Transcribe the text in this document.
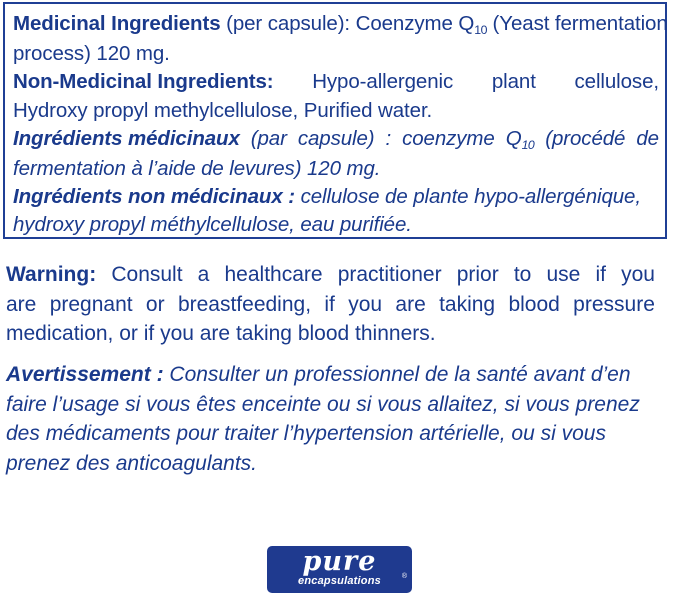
Medicinal Ingredients (per capsule): Coenzyme Q10 (Yeast fermentation
process) 120 mg.
Non-Medicinal Ingredients: Hypo-allergenic plant cellulose,
Hydroxy propyl methylcellulose, Purified water.
Ingrédients médicinaux (par capsule) : coenzyme Q10 (procédé de
fermentation à l’aide de levures) 120 mg.
Ingrédients non médicinaux : cellulose de plante hypo-allergénique,
hydroxy propyl méthylcellulose, eau purifiée.
Warning: Consult a healthcare practitioner prior to use if you
are pregnant or breastfeeding, if you are taking blood pressure
medication, or if you are taking blood thinners.
Avertissement : Consulter un professionnel de la santé avant d’en
faire l’usage si vous êtes enceinte ou si vous allaitez, si vous prenez
des médicaments pour traiter l’hypertension artérielle, ou si vous
prenez des anticoagulants.
pure
encapsulations	®
